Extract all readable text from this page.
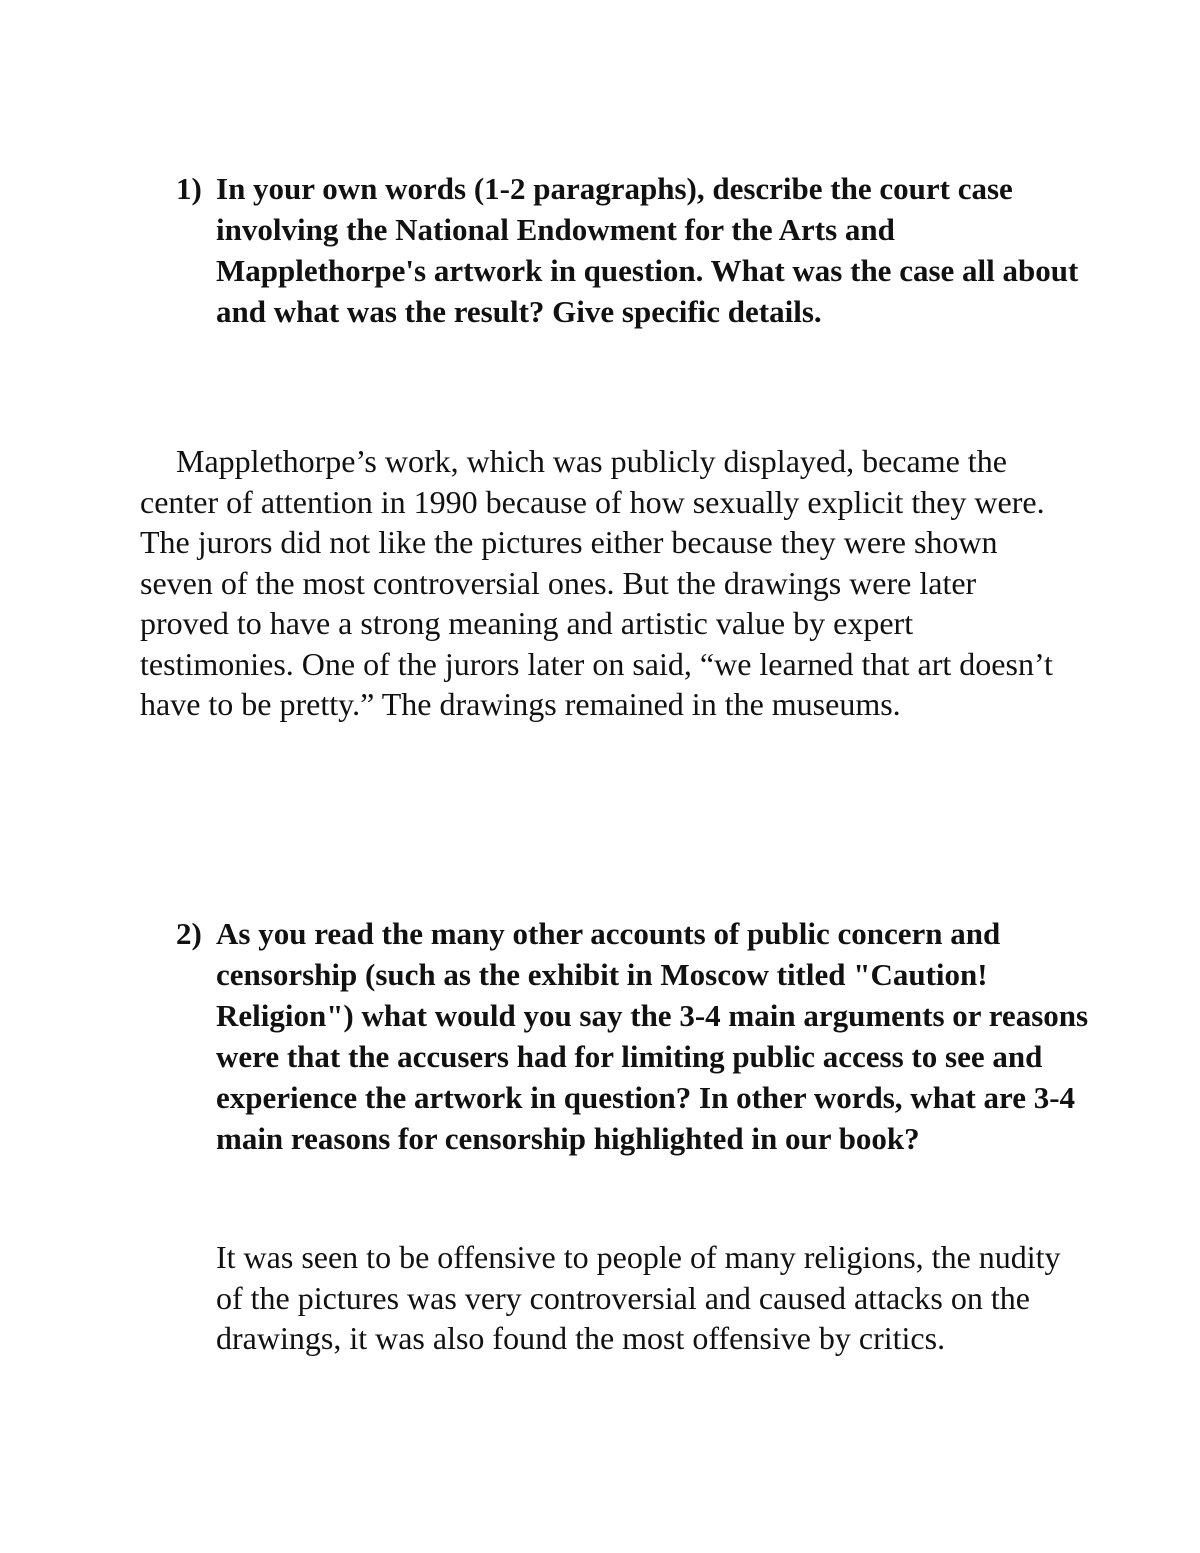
1) In your own words (1-2 paragraphs), describe the court case involving the National Endowment for the Arts and Mapplethorpe's artwork in question. What was the case all about and what was the result? Give specific details.

Mapplethorpe’s work, which was publicly displayed, became the center of attention in 1990 because of how sexually explicit they were. The jurors did not like the pictures either because they were shown seven of the most controversial ones. But the drawings were later proved to have a strong meaning and artistic value by expert testimonies. One of the jurors later on said, “we learned that art doesn’t have to be pretty.” The drawings remained in the museums.

2) As you read the many other accounts of public concern and censorship (such as the exhibit in Moscow titled "Caution! Religion") what would you say the 3-4 main arguments or reasons were that the accusers had for limiting public access to see and experience the artwork in question? In other words, what are 3-4 main reasons for censorship highlighted in our book?

It was seen to be offensive to people of many religions, the nudity of the pictures was very controversial and caused attacks on the drawings, it was also found the most offensive by critics.
